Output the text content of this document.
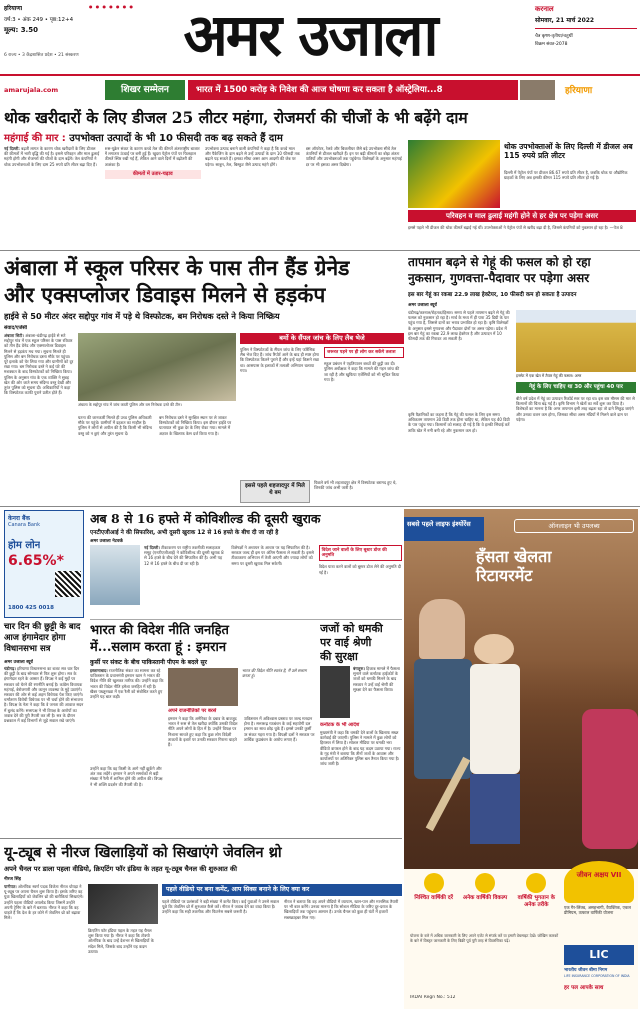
हरियाणा	● ● ● ● ● ● ●
वर्ष:3 • अंक 249 • पृष्ठ:12+4
मूल्य: 3.50
6 राज्य • 3 केंद्रशासित प्रदेश • 21 संस्करण	अमर उजाला	करनाल
सोमवार, 21 मार्च 2022
चैत्र कृष्ण-तृतीया/चतुर्थी
विक्रम संवत-2078
amarujala.com	शिखर सम्मेलन	भारत में 1500 करोड़ के निवेश की आज घोषणा कर सकता है ऑस्ट्रेलिया...8	हरियाणा
थोक खरीदारों के लिए डीजल 25 लीटर महंगा, रोजमर्रा की चीजों के भी बढ़ेंगे दाम
महंगाई की मार : उपभोक्ता उत्पादों के भी 10 फीसदी तक बढ़ सकते हैं दाम
नई दिल्ली: बढ़ती लागत के कारण थोक खरीदारों के लिए डीजल की कीमतों में भारी वृद्धि की गई है। इससे परिवहन और माल ढुलाई महंगी होगी और रोजमर्रा की चीजों के दाम बढ़ेंगे। तेल कंपनियों ने थोक उपभोक्ताओं के लिए दाम 25 रुपये प्रति लीटर बढ़ा दिए हैं।
रूस-यूक्रेन संकट के कारण कच्चे तेल की कीमतें अंतरराष्ट्रीय बाजार में लगातार ऊंचाई पर बनी हुई हैं। खुदरा पेट्रोल पंपों पर फिलहाल कीमतें स्थिर रखी गई हैं, लेकिन आने वाले दिनों में बढ़ोतरी की आशंका है।
कीमतों में उतार-चढ़ाव
उपभोक्ता उत्पाद बनाने वाली कंपनियों ने कहा है कि कच्चे माल और पैकेजिंग के दाम बढ़ने से उन्हें उत्पादों के दाम 10 फीसदी तक बढ़ाने पड़ सकते हैं। इसका सीधा असर आम आदमी की जेब पर पड़ेगा। साबुन, तेल, बिस्कुट जैसे उत्पाद महंगे होंगे।
बस ऑपरेटर, रेलवे और बिजलीघर जैसे बड़े उपभोक्ता सीधे तेल कंपनियों से डीजल खरीदते हैं। इन पर बढ़ी कीमतों का बोझ अंततः यात्रियों और उपभोक्ताओं तक पहुंचेगा। विशेषज्ञों के अनुसार महंगाई दर पर भी इसका असर दिखेगा।
थोक उपभोक्ताओं के लिए दिल्ली में डीजल अब 115 रुपये प्रति लीटर
दिल्ली में पेट्रोल पंपों पर डीजल 86.67 रुपये प्रति लीटर है, जबकि थोक या औद्योगिक ग्राहकों के लिए अब इसकी कीमत 115 रुपये प्रति लीटर हो गई है।
परिवहन व माल ढुलाई महंगी होने से हर क्षेत्र पर पड़ेगा असर
इससे पहले भी डीजल की थोक कीमतें बढ़ाई गई थीं। उपभोक्ताओं ने पेट्रोल पंपों से खरीद बढ़ा दी है, जिससे कंपनियों को नुकसान हो रहा है। —पेज 8
अंबाला में स्कूल परिसर के पास तीन हैंड ग्रेनेड
और एक्सप्लोजर डिवाइस मिलने से हड़कंप
हाईवे से 50 मीटर अंदर सद्दोपुर गांव में पड़े थे विस्फोटक, बम निरोधक दस्ते ने किया निष्क्रिय
संवाद/एजेंसी
अंबाला सिटी। अंबाला-चंडीगढ़ हाईवे से सटे सद्दोपुर गांव में एक स्कूल परिसर के पास रविवार को तीन हैंड ग्रेनेड और एक्सप्लोजर डिवाइस मिलने से हड़कंप मच गया। सूचना मिलते ही पुलिस और बम निरोधक दस्ता मौके पर पहुंचा। पूरे इलाके को घेर लिया गया और ग्रामीणों को दूर रखा गया। बम निरोधक दस्ते ने कई घंटे की मशक्कत के बाद विस्फोटकों को निष्क्रिय किया। पुलिस के अनुसार गांव के एक व्यक्ति ने सुबह खेत की ओर जाते समय संदिग्ध वस्तु देखी और तुरंत पुलिस को सूचना दी। अधिकारियों ने कहा कि विस्फोटक काफी पुराने प्रतीत होते हैं।
अंबाला के सद्दोपुर गांव में जांच करती पुलिस और बम निरोधक दस्ते की टीम।
बमों के सैंपल जांच के लिए लैब भेजे
पुलिस ने विस्फोटकों के सैंपल जांच के लिए फॉरेंसिक लैब भेज दिए हैं। जांच रिपोर्ट आने के बाद ही स्पष्ट होगा कि विस्फोटक कितने पुराने हैं और इन्हें यहां किसने रखा था। आसपास के इलाकों में तलाशी अभियान चलाया गया।
जरूरत पड़ने पर ही लोग कर सकेंगे तलाश
स्कूल प्रबंधन ने एहतियातन बच्चों की छुट्टी कर दी। पुलिस अधीक्षक ने कहा कि मामले की गहन जांच की जा रही है और खुफिया एजेंसियों को भी सूचित किया गया है।
घटना की जानकारी मिलते ही उच्च पुलिस अधिकारी मौके पर पहुंचे। ग्रामीणों में दहशत का माहौल है। पुलिस ने लोगों से अपील की है कि किसी भी संदिग्ध वस्तु को न छुएं और तुरंत सूचना दें।
बम निरोधक दस्ते ने सुरक्षित स्थान पर ले जाकर विस्फोटकों को निष्क्रिय किया। इस दौरान हाईवे पर यातायात भी कुछ देर के लिए रोका गया। मामले में अज्ञात के खिलाफ केस दर्ज किया गया है।
इससे पहले शहजादपुर में मिले थे बम
पिछले वर्ष भी शहजादपुर क्षेत्र में विस्फोटक बरामद हुए थे, जिनकी जांच अभी जारी है।
तापमान बढ़ने से गेहूं की फसल को हो रहा
नुकसान, गुणवत्ता-पैदावार पर पड़ेगा असर
इस बार गेहूं का रकबा 22.9 लाख हेक्टेयर, 10 फीसदी कम हो सकता है उत्पादन
अमर उजाला ब्यूरो
चंडीगढ़/करनाल/रोहतक/हिसार। समय से पहले तापमान बढ़ने से गेहूं की फसल को नुकसान हो रहा है। मार्च के मध्य में ही पारा 35 डिग्री के पार पहुंच गया है, जिससे दानों का भराव प्रभावित हो रहा है। कृषि विशेषज्ञों के अनुसार इससे गुणवत्ता और पैदावार दोनों पर असर पड़ेगा। प्रदेश में इस बार गेहूं का रकबा 22.9 लाख हेक्टेयर है और उत्पादन में 10 फीसदी तक की गिरावट आ सकती है।
इनसेट में एक खेत में तैयार गेहूं की फसल। अमर
गेहूं के लिए चाहिए था 30 और पहुंचा 40 पार
कृषि वैज्ञानिकों का कहना है कि गेहूं की फसल के लिए इस समय अधिकतम तापमान 30 डिग्री तक होना चाहिए था, लेकिन यह 40 डिग्री के पार पहुंच गया। किसानों को सलाह दी गई है कि वे हल्की सिंचाई करें ताकि खेत में नमी बनी रहे और नुकसान कम हो।
बीते वर्ष प्रदेश में गेहूं का उत्पादन रिकॉर्ड स्तर पर रहा था। इस बार मौसम की मार से किसानों की चिंता बढ़ गई है। कृषि विभाग ने खेतों का सर्वे शुरू कर दिया है। विशेषज्ञों का मानना है कि अगर तापमान इसी तरह बढ़ता रहा तो दाने सिकुड़ जाएंगे और उनका वजन कम होगा, जिसका सीधा असर मंडियों में मिलने वाले दाम पर पड़ेगा।
केनरा बैंक
Canara Bank
होम लोन
6.65%*
1800 425 0018
चार दिन की छुट्टी के बाद आज हंगामेदार होगा विधानसभा सत्र
अमर उजाला ब्यूरो
चंडीगढ़। हरियाणा विधानसभा का बजट सत्र चार दिन की छुट्टी के बाद सोमवार से फिर शुरू होगा। सत्र के हंगामेदार रहने के आसार हैं। विपक्ष ने कई मुद्दों पर सरकार को घेरने की रणनीति बनाई है। कांग्रेस विधायक महंगाई, बेरोजगारी और कानून व्यवस्था के मुद्दे उठाएंगे। सरकार की ओर से कई अहम विधेयक पेश किए जाएंगे। धर्मांतरण विरोधी विधेयक पर भी चर्चा होने की संभावना है। विपक्ष के नेता ने कहा कि वे जनता की आवाज सदन में बुलंद करेंगे। सत्तापक्ष ने भी विपक्ष के आरोपों का जवाब देने की पूरी तैयारी कर ली है। सत्र के दौरान प्रश्नकाल में कई विभागों से जुड़े सवाल रखे जाएंगे।
अब 8 से 16 हफ्ते में कोविशील्ड की दूसरी खुराक
एनटीएजीआई ने की सिफारिश, अभी दूसरी खुराक 12 से 16 हफ्ते के बीच दी जा रही है
अमर उजाला नेटवर्क
नई दिल्ली। टीकाकरण पर राष्ट्रीय तकनीकी सलाहकार समूह (एनटीएजीआई) ने कोविशील्ड की दूसरी खुराक 8 से 16 हफ्ते के बीच देने की सिफारिश की है। अभी यह 12 से 16 हफ्ते के बीच दी जा रही है।
विशेषज्ञों ने अध्ययन के आधार पर यह सिफारिश की है। सरकार जल्द ही इस पर अंतिम फैसला ले सकती है। इससे टीकाकरण अभियान में तेजी आएगी और ज्यादा लोगों को समय पर दूसरी खुराक मिल सकेगी।
विदेश जाने वालों के लिए बूस्टर डोज की अनुमति
विदेश यात्रा करने वालों को बूस्टर डोज लेने की अनुमति दी गई है।
भारत की विदेश नीति जनहित
में...सलाम करता हूं : इमरान
कुर्सी पर संकट के बीच पाकिस्तानी पीएम के बदले सुर
इस्लामाबाद। राजनीतिक संकट का सामना कर रहे पाकिस्तान के प्रधानमंत्री इमरान खान ने भारत की विदेश नीति की खुलकर तारीफ की। उन्होंने कहा कि भारत की विदेश नीति हमेशा जनहित में रही है। खैबर पख्तूनख्वा में एक रैली को संबोधित करते हुए उन्होंने यह बात कही।
अपने राजनीतिकों पर बरसे
भारत की विदेश नीति स्वतंत्र है, मैं उसे सलाम करता हूं।
इमरान ने कहा कि अमेरिका के दबाव के बावजूद भारत ने रूस से तेल खरीदा क्योंकि उसकी विदेश नीति अपने लोगों के हित में है। उन्होंने विपक्ष पर निशाना साधते हुए कहा कि कुछ लोग विदेशी ताकतों के इशारे पर उनकी सरकार गिराना चाहते हैं।
पाकिस्तान में अविश्वास प्रस्ताव पर जल्द मतदान होना है। सत्तारूढ़ गठबंधन के कई सहयोगी दल इमरान का साथ छोड़ चुके हैं। इससे उनकी कुर्सी पर संकट गहरा गया है। विपक्षी दलों ने सरकार पर आर्थिक कुप्रबंधन के आरोप लगाए हैं।
उन्होंने कहा कि वह किसी के आगे नहीं झुकेंगे और अंत तक लड़ेंगे। इमरान ने अपने समर्थकों से बड़ी संख्या में रैली में शामिल होने की अपील की। विपक्ष ने भी शक्ति प्रदर्शन की तैयारी की है।
जजों को धमकी
पर वाई श्रेणी
की सुरक्षा
बंगलूरू। हिजाब मामले में फैसला सुनाने वाले कर्नाटक हाईकोर्ट के जजों को धमकी मिलने के बाद सरकार ने उन्हें वाई श्रेणी की सुरक्षा देने का फैसला किया।
कर्नाटक के भी आदेश
मुख्यमंत्री ने कहा कि धमकी देने वालों के खिलाफ सख्त कार्रवाई की जाएगी। पुलिस ने मामले में कुछ लोगों को हिरासत में लिया है। सोशल मीडिया पर धमकी भरा वीडियो वायरल होने के बाद यह कदम उठाया गया। राज्य के गृह मंत्री ने बताया कि तीनों जजों के आवास और कार्यालयों पर अतिरिक्त पुलिस बल तैनात किया गया है। जांच जारी है।
सबसे पहले लाइफ इंश्योरेंस	ऑनलाइन भी उपलब्ध
हँसता खेलता
रिटायरमेंट
निश्चित वार्षिकी दरें	अनेक वार्षिकी विकल्प	वार्षिकी भुगतान के अनेक तरीके
जीवन अक्षय VII
एक गैर-लिंक्ड, असहभागी, वैयक्तिक, एकल प्रीमियम, तत्काल वार्षिकी योजना
योजना के बारे में अधिक जानकारी के लिए अपने एजेंट से संपर्क करें या हमारी वेबसाइट देखें। जोखिम कारकों के बारे में विस्तृत जानकारी के लिए बिक्री पूर्व पूरी तरह से विवरणिका पढ़ें।
LIC
भारतीय जीवन बीमा निगम
LIFE INSURANCE CORPORATION OF INDIA
हर पल आपके साथ
IRDAI Regn No.: 512
यू-ट्यूब से नीरज खिलाड़ियों को सिखाएंगे जेवलिन थ्रो
अपने चैनल पर डाला पहला वीडियो, क्रिएटिंग फॉर इंडिया के तहत यू-ट्यूब चैनल की शुरुआत की
नीरज सिंह
पानीपत। ओलंपिक स्वर्ण पदक विजेता नीरज चोपड़ा ने यू-ट्यूब पर अपना चैनल शुरू किया है। इसके जरिए वह युवा खिलाड़ियों को जेवलिन थ्रो की बारीकियां सिखाएंगे। उन्होंने पहला वीडियो अपलोड किया जिसमें उन्होंने अपनी ट्रेनिंग के बारे में बताया। नीरज ने कहा कि वह चाहते हैं कि देश के हर कोने में जेवलिन थ्रो को बढ़ावा मिले।
पहले वीडियो पर बना कमेंट, आप सिक्स बनाने के लिए क्या कर
पहले वीडियो पर प्रशंसकों ने बड़ी संख्या में कमेंट किए। कई युवाओं ने उनसे सवाल पूछे कि जेवलिन थ्रो में शुरुआत कैसे करें। नीरज ने जवाब देने का वादा किया है। उन्होंने कहा कि सही तकनीक और फिटनेस सबसे जरूरी है।
नीरज ने बताया कि वह अपने वीडियो में व्यायाम, खान-पान और मानसिक तैयारी पर भी बात करेंगे। उनका मानना है कि सोशल मीडिया के जरिए दूर-दराज के खिलाड़ियों तक पहुंचना आसान है। उनके चैनल को कुछ ही घंटों में हजारों सब्सक्राइबर मिल गए।
क्रिएटिंग फॉर इंडिया पहल के तहत यह चैनल शुरू किया गया है। नीरज ने कहा कि टोक्यो ओलंपिक के बाद उन्हें देशभर से खिलाड़ियों के संदेश मिले, जिसके बाद उन्होंने यह कदम उठाया।
